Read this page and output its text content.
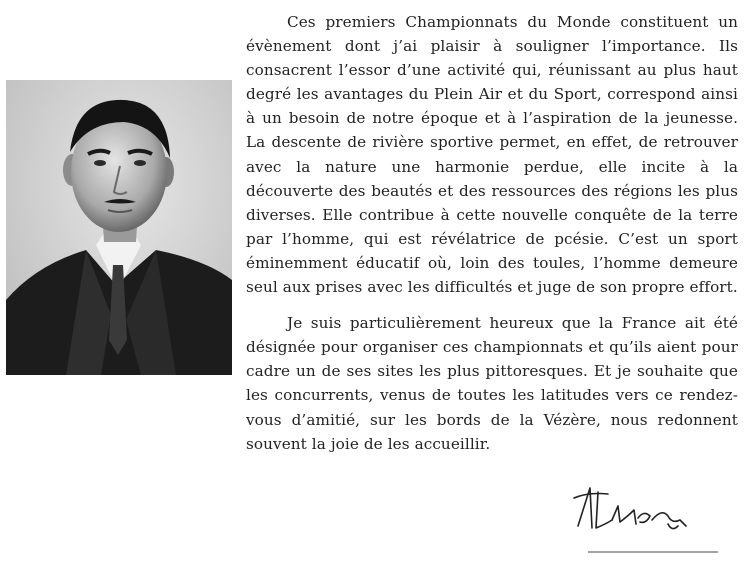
Ces premiers Championnats du Monde constituent un évènement dont j’ai plaisir à souligner l’importance. Ils consacrent l’essor d’une activité qui, réunissant au plus haut degré les avantages du Plein Air et du Sport, correspond ainsi à un besoin de notre époque et à l’aspiration de la jeunesse. La descente de rivière sportive permet, en effet, de retrouver avec la nature une harmonie perdue, elle incite à la découverte des beautés et des ressources des régions les plus diverses. Elle contribue à cette nouvelle conquête de la terre par l’homme, qui est révélatrice de pcésie. C’est un sport éminemment éducatif où, loin des toules, l’homme demeure seul aux prises avec les difficultés et juge de son propre effort.

Je suis particulièrement heureux que la France ait été désignée pour organiser ces championnats et qu’ils aient pour cadre un de ses sites les plus pittoresques. Et je souhaite que les concurrents, venus de toutes les latitudes vers ce rendez-vous d’amitié, sur les bords de la Vézère, nous redonnent souvent la joie de les accueillir.
